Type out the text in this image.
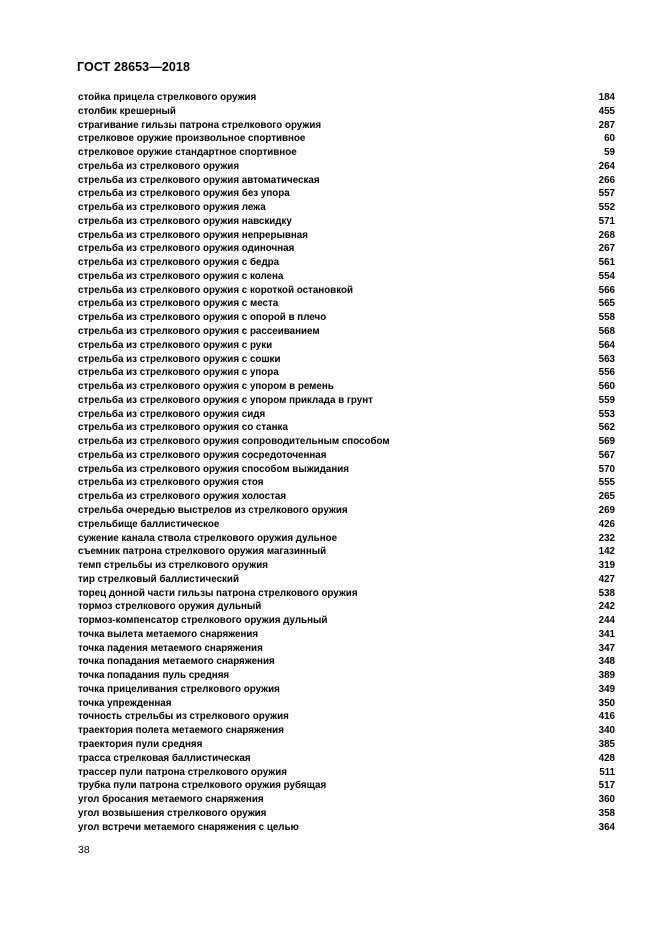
ГОСТ 28653—2018
стойка прицела стрелкового оружия	184
столбик крешерный	455
страгивание гильзы патрона стрелкового оружия	287
стрелковое оружие произвольное спортивное	60
стрелковое оружие стандартное спортивное	59
стрельба из стрелкового оружия	264
стрельба из стрелкового оружия автоматическая	266
стрельба из стрелкового оружия без упора	557
стрельба из стрелкового оружия лежа	552
стрельба из стрелкового оружия навскидку	571
стрельба из стрелкового оружия непрерывная	268
стрельба из стрелкового оружия одиночная	267
стрельба из стрелкового оружия с бедра	561
стрельба из стрелкового оружия с колена	554
стрельба из стрелкового оружия с короткой остановкой	566
стрельба из стрелкового оружия с места	565
стрельба из стрелкового оружия с опорой в плечо	558
стрельба из стрелкового оружия с рассеиванием	568
стрельба из стрелкового оружия с руки	564
стрельба из стрелкового оружия с сошки	563
стрельба из стрелкового оружия с упора	556
стрельба из стрелкового оружия с упором в ремень	560
стрельба из стрелкового оружия с упором приклада в грунт	559
стрельба из стрелкового оружия сидя	553
стрельба из стрелкового оружия со станка	562
стрельба из стрелкового оружия сопроводительным способом	569
стрельба из стрелкового оружия сосредоточенная	567
стрельба из стрелкового оружия способом выжидания	570
стрельба из стрелкового оружия стоя	555
стрельба из стрелкового оружия холостая	265
стрельба очередью выстрелов из стрелкового оружия	269
стрельбище баллистическое	426
сужение канала ствола стрелкового оружия дульное	232
съемник патрона стрелкового оружия магазинный	142
темп стрельбы из стрелкового оружия	319
тир стрелковый баллистический	427
торец донной части гильзы патрона стрелкового оружия	538
тормоз стрелкового оружия дульный	242
тормоз-компенсатор стрелкового оружия дульный	244
точка вылета метаемого снаряжения	341
точка падения метаемого снаряжения	347
точка попадания метаемого снаряжения	348
точка попадания пуль средняя	389
точка прицеливания стрелкового оружия	349
точка упрежденная	350
точность стрельбы из стрелкового оружия	416
траектория полета метаемого снаряжения	340
траектория пули средняя	385
трасса стрелковая баллистическая	428
трассер пули патрона стрелкового оружия	511
трубка пули патрона стрелкового оружия рубящая	517
угол бросания метаемого снаряжения	360
угол возвышения стрелкового оружия	358
угол встречи метаемого снаряжения с целью	364
38
